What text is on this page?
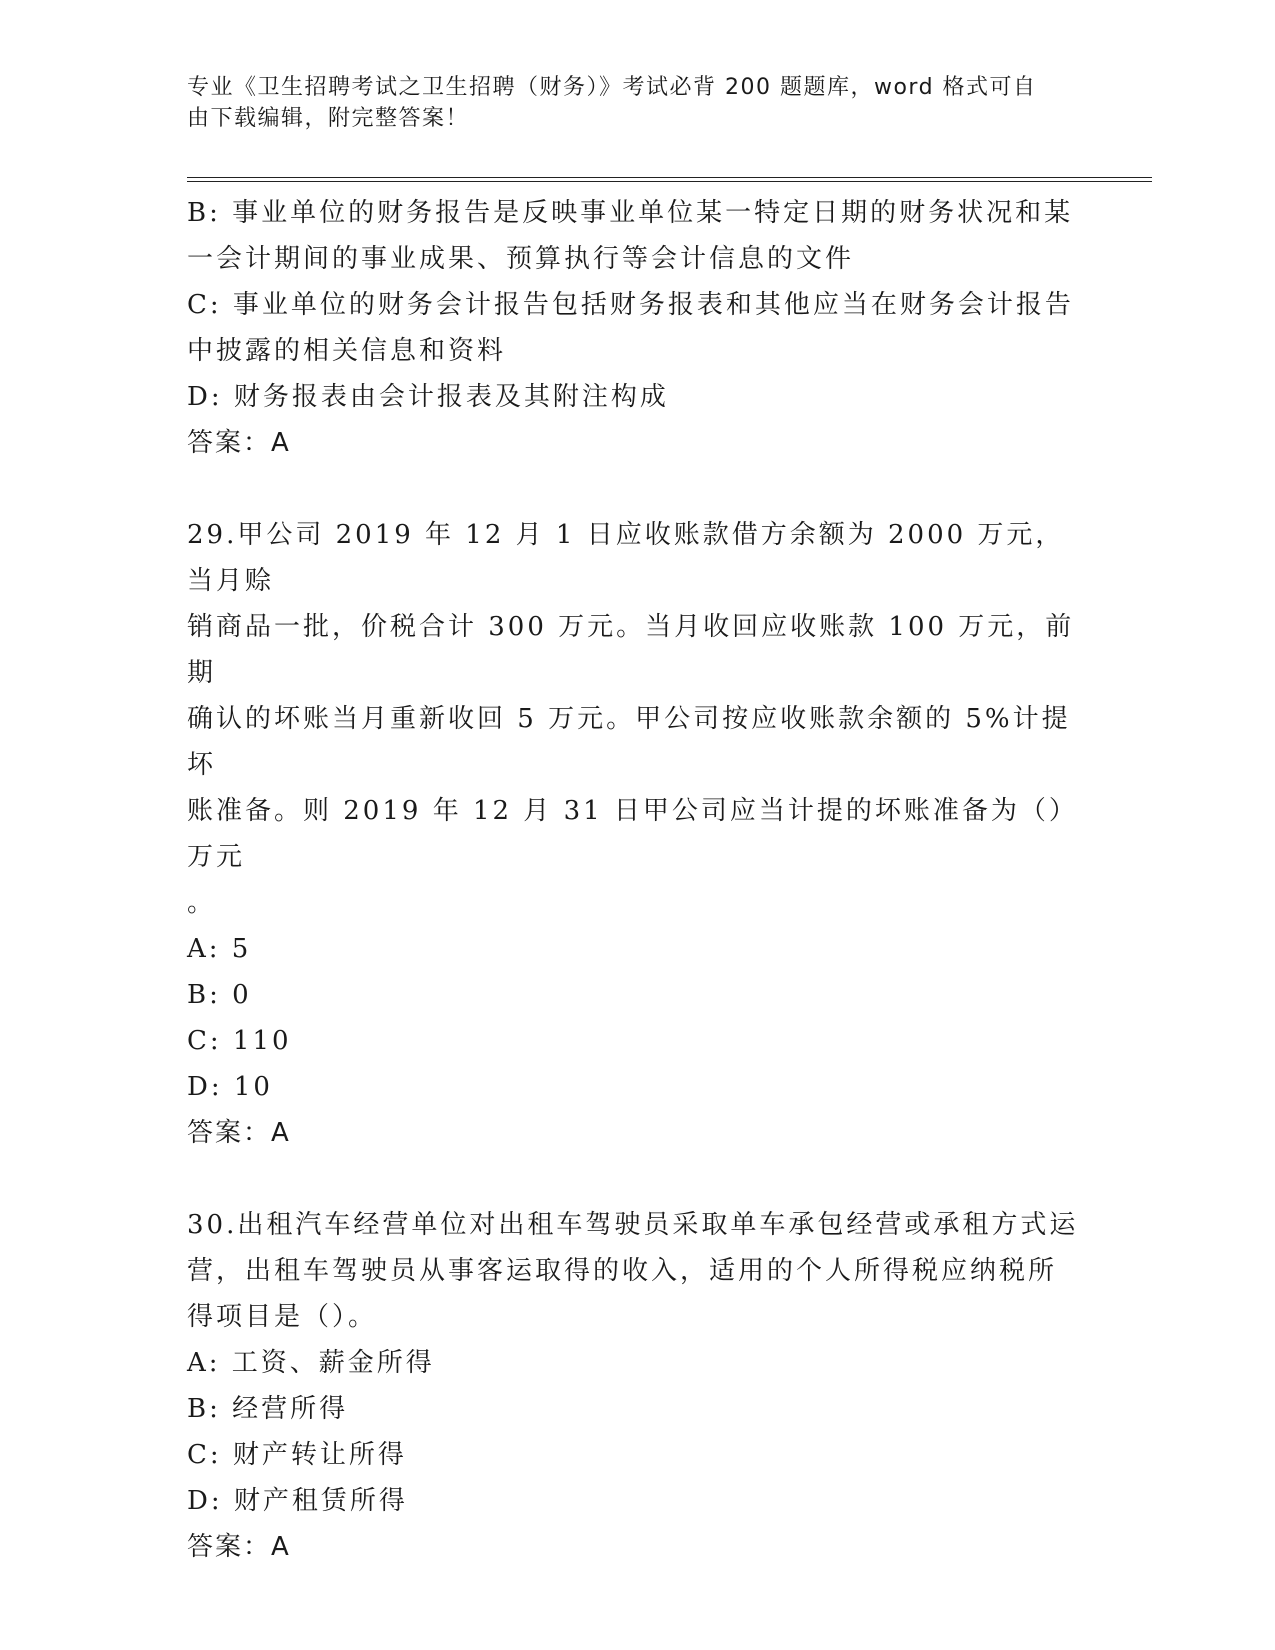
专业《卫生招聘考试之卫生招聘（财务）》考试必背 200 题题库，word 格式可自
由下载编辑，附完整答案！
B: 事业单位的财务报告是反映事业单位某一特定日期的财务状况和某
一会计期间的事业成果、预算执行等会计信息的文件
C: 事业单位的财务会计报告包括财务报表和其他应当在财务会计报告
中披露的相关信息和资料
D: 财务报表由会计报表及其附注构成
答案：A
29.甲公司 2019 年 12 月 1 日应收账款借方余额为 2000 万元，当月赊
销商品一批，价税合计 300 万元。当月收回应收账款 100 万元，前期
确认的坏账当月重新收回 5 万元。甲公司按应收账款余额的 5%计提坏
账准备。则 2019 年 12 月 31 日甲公司应当计提的坏账准备为（）万元
。
A: 5
B: 0
C: 110
D: 10
答案：A
30.出租汽车经营单位对出租车驾驶员采取单车承包经营或承租方式运
营，出租车驾驶员从事客运取得的收入，适用的个人所得税应纳税所
得项目是（）。
A: 工资、薪金所得
B: 经营所得
C: 财产转让所得
D: 财产租赁所得
答案：A
